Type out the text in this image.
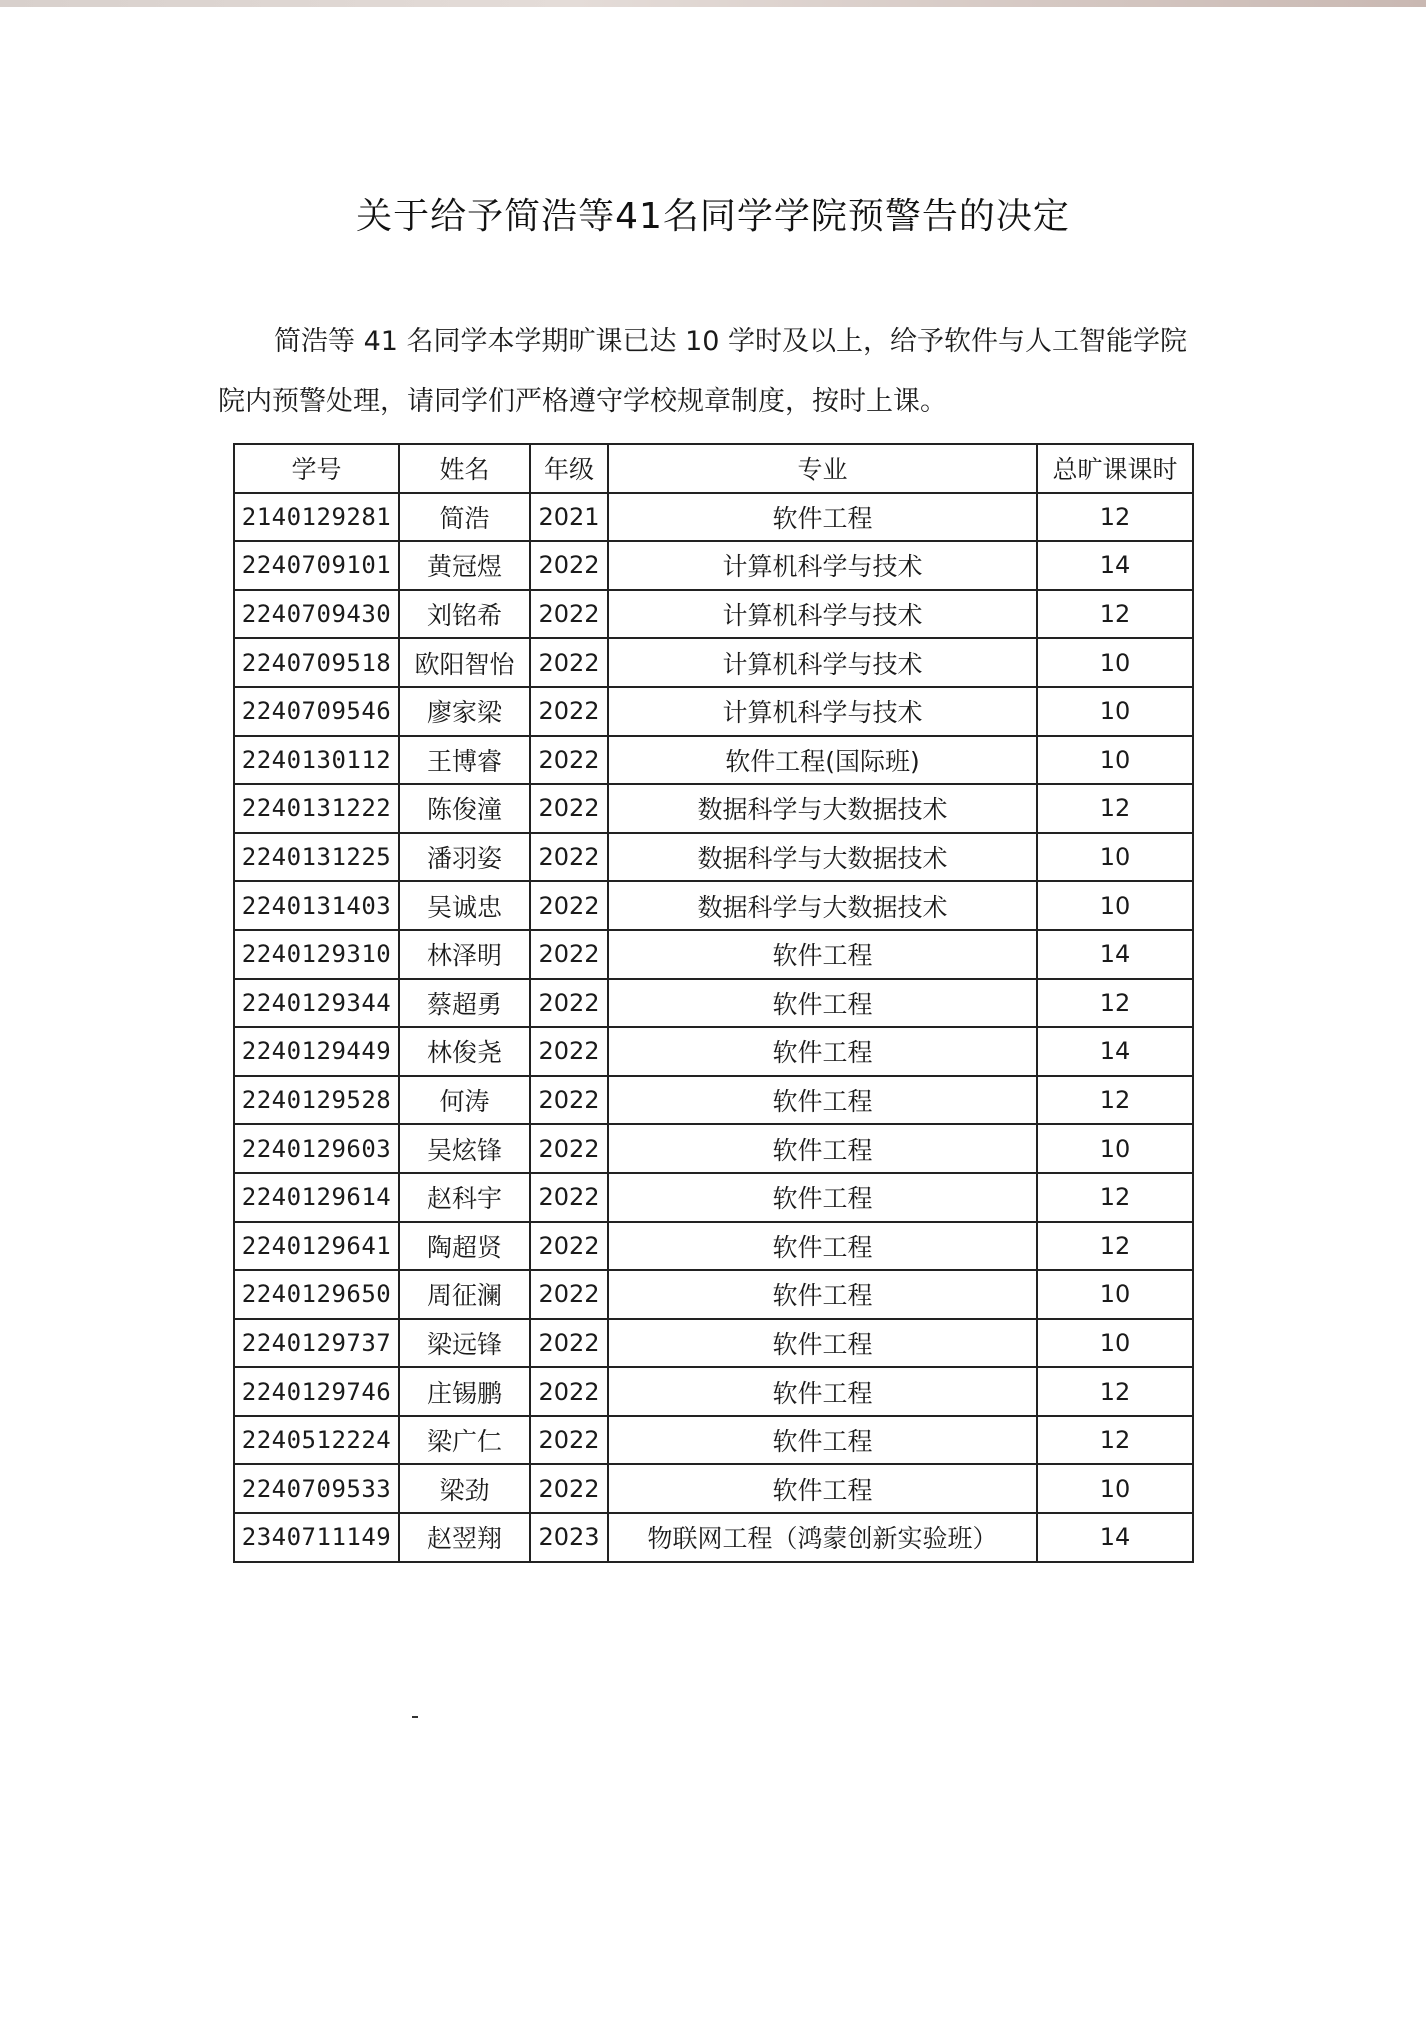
关于给予简浩等41名同学学院预警告的决定
简浩等 41 名同学本学期旷课已达 10 学时及以上，给予软件与人工智能学院
院内预警处理，请同学们严格遵守学校规章制度，按时上课。
学号	姓名	年级	专业	总旷课课时
2140129281	简浩	2021	软件工程	12
2240709101	黄冠煜	2022	计算机科学与技术	14
2240709430	刘铭希	2022	计算机科学与技术	12
2240709518	欧阳智怡	2022	计算机科学与技术	10
2240709546	廖家梁	2022	计算机科学与技术	10
2240130112	王博睿	2022	软件工程(国际班)	10
2240131222	陈俊潼	2022	数据科学与大数据技术	12
2240131225	潘羽姿	2022	数据科学与大数据技术	10
2240131403	吴诚忠	2022	数据科学与大数据技术	10
2240129310	林泽明	2022	软件工程	14
2240129344	蔡超勇	2022	软件工程	12
2240129449	林俊尧	2022	软件工程	14
2240129528	何涛	2022	软件工程	12
2240129603	吴炫锋	2022	软件工程	10
2240129614	赵科宇	2022	软件工程	12
2240129641	陶超贤	2022	软件工程	12
2240129650	周征澜	2022	软件工程	10
2240129737	梁远锋	2022	软件工程	10
2240129746	庄锡鹏	2022	软件工程	12
2240512224	梁广仁	2022	软件工程	12
2240709533	梁劲	2022	软件工程	10
2340711149	赵翌翔	2023	物联网工程（鸿蒙创新实验班）	14
